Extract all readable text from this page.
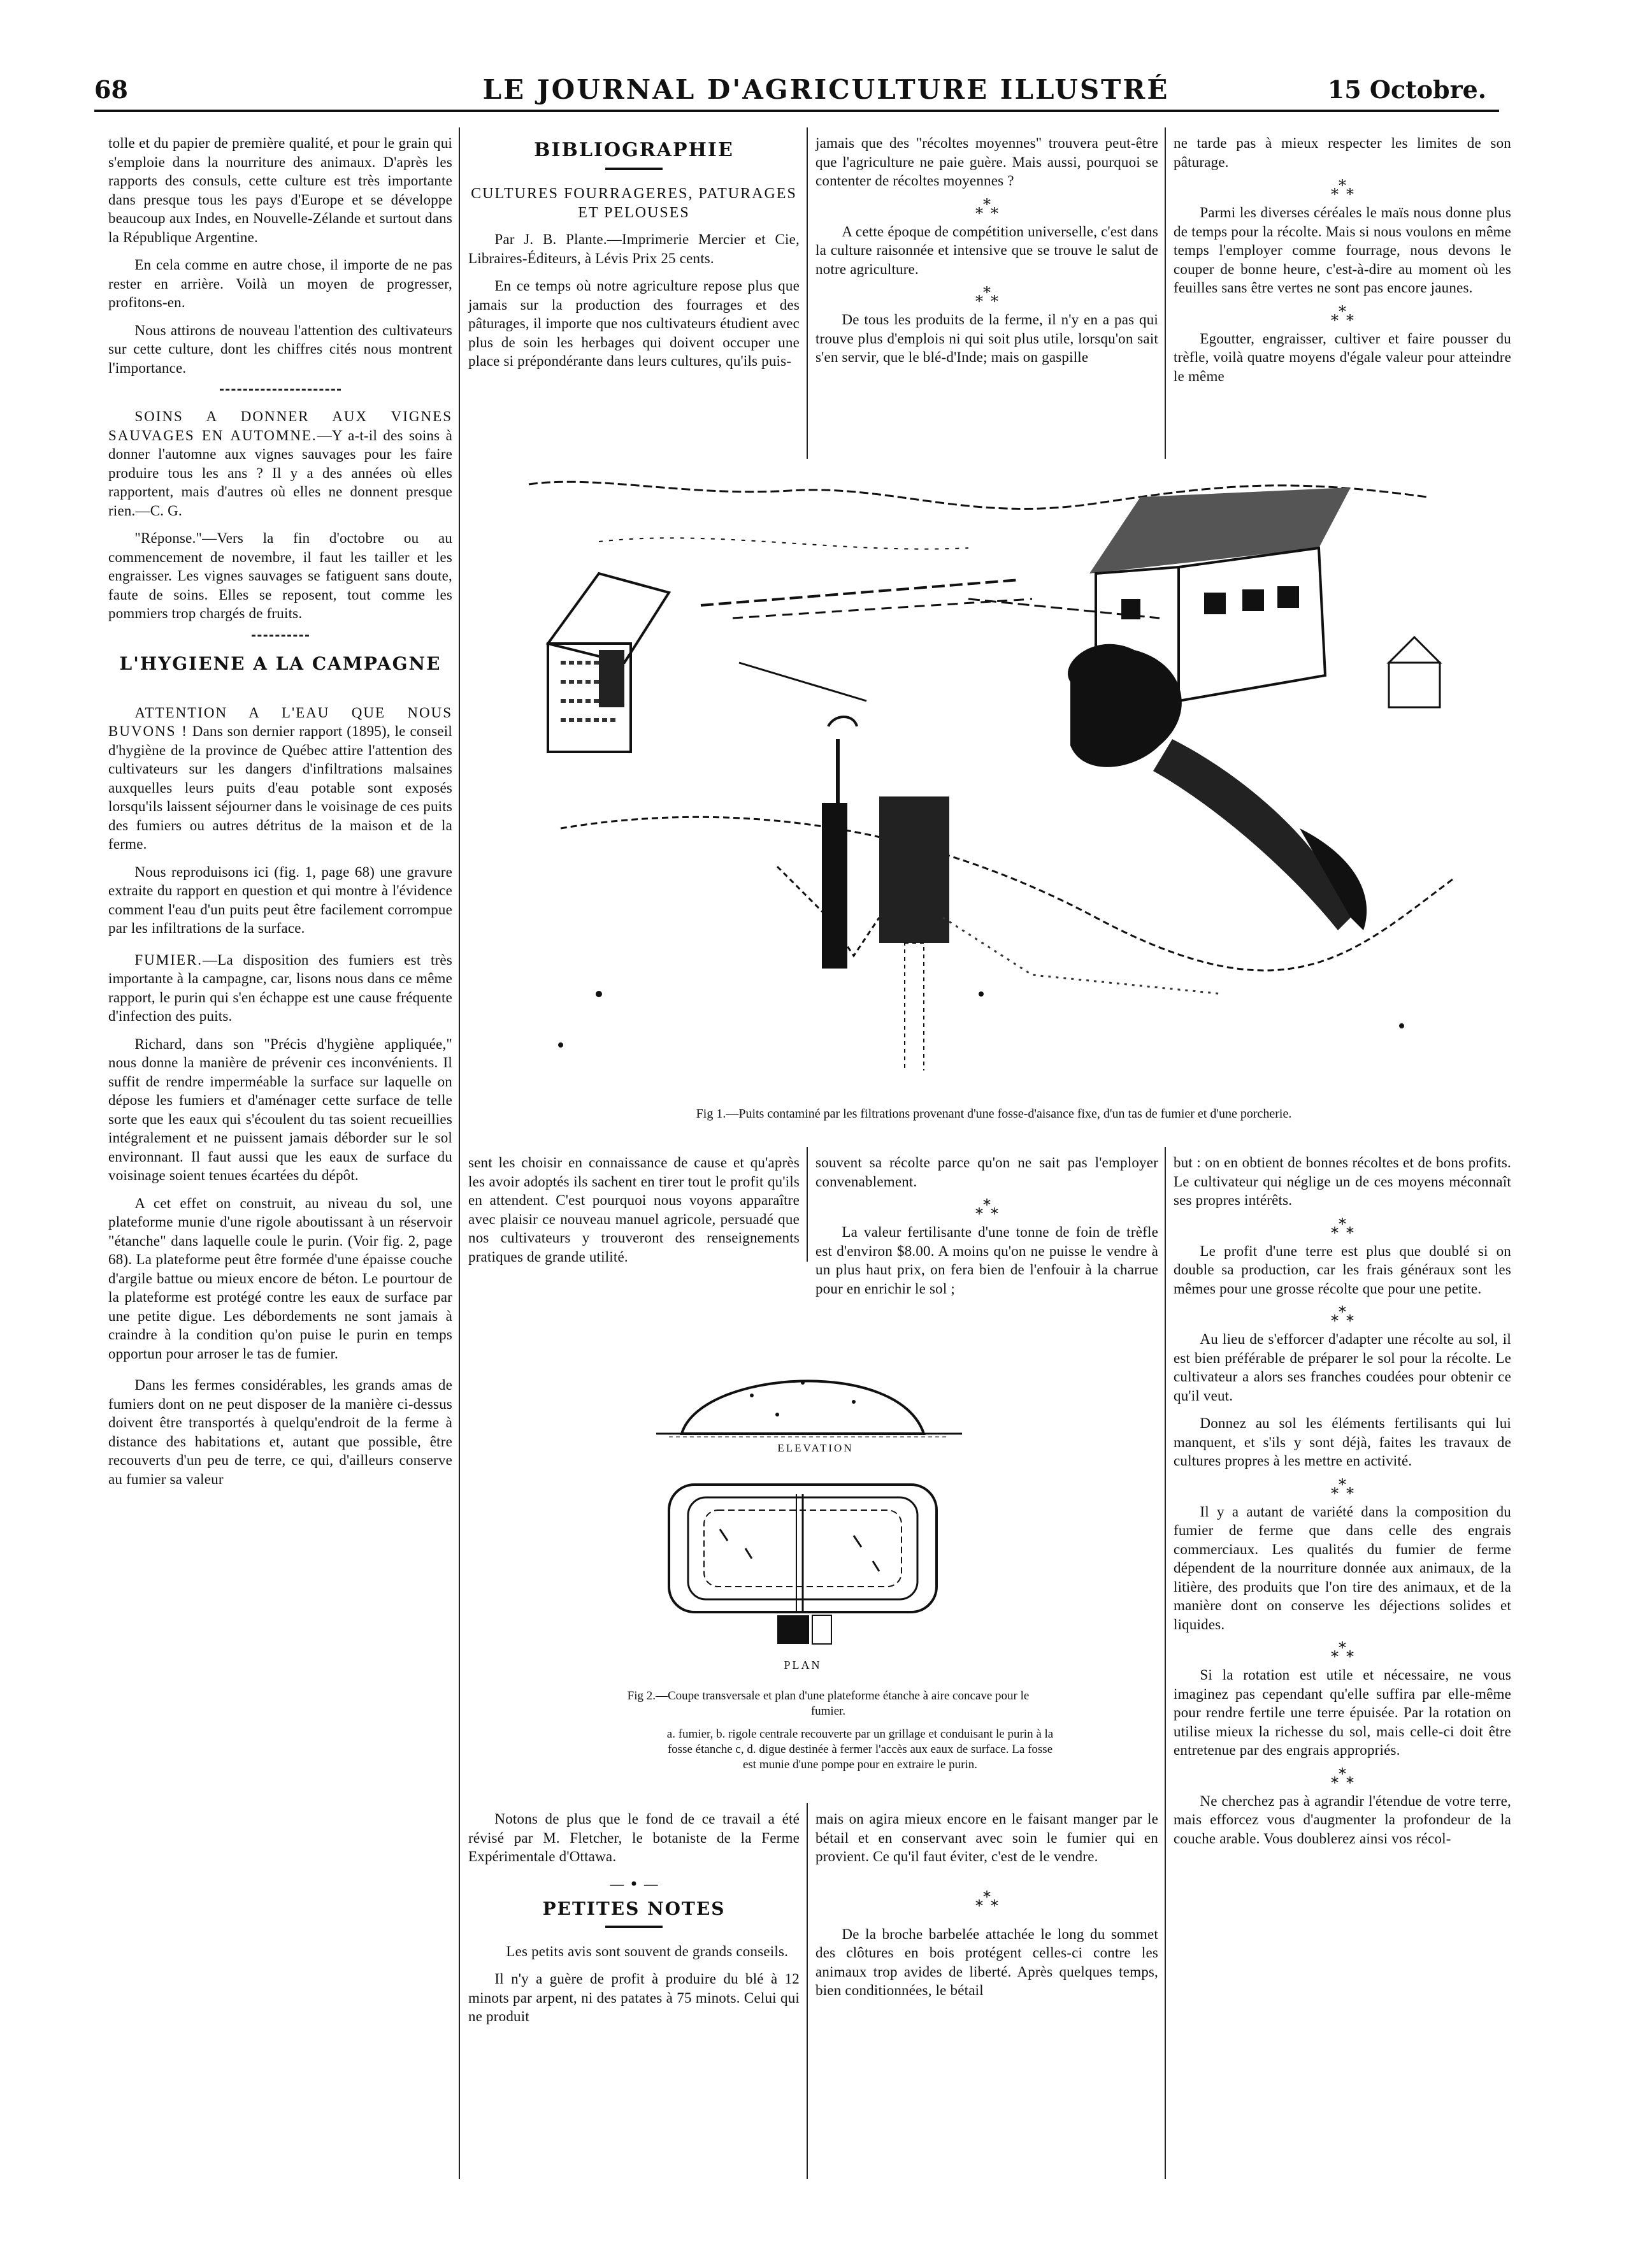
68	LE JOURNAL D'AGRICULTURE ILLUSTRÉ	15 Octobre.

tolle et du papier de première qualité, et pour le grain qui s'emploie dans la nourriture des animaux. D'après les rapports des consuls, cette culture est très importante dans presque tous les pays d'Europe et se développe beaucoup aux Indes, en Nouvelle-Zélande et surtout dans la République Argentine.

En cela comme en autre chose, il importe de ne pas rester en arrière. Voilà un moyen de progresser, profitons-en.

Nous attirons de nouveau l'attention des cultivateurs sur cette culture, dont les chiffres cités nous montrent l'importance.

SOINS A DONNER AUX VIGNES SAUVAGES EN AUTOMNE.—Y a-t-il des soins à donner l'automne aux vignes sauvages pour les faire produire tous les ans ? Il y a des années où elles rapportent, mais d'autres où elles ne donnent presque rien.—C. G.

"Réponse."—Vers la fin d'octobre ou au commencement de novembre, il faut les tailler et les engraisser. Les vignes sauvages se fatiguent sans doute, faute de soins. Elles se reposent, tout comme les pommiers trop chargés de fruits.

L'HYGIENE A LA CAMPAGNE

ATTENTION A L'EAU QUE NOUS BUVONS ! Dans son dernier rapport (1895), le conseil d'hygiène de la province de Québec attire l'attention des cultivateurs sur les dangers d'infiltrations malsaines auxquelles leurs puits d'eau potable sont exposés lorsqu'ils laissent séjourner dans le voisinage de ces puits des fumiers ou autres détritus de la maison et de la ferme.

Nous reproduisons ici (fig. 1, page 68) une gravure extraite du rapport en question et qui montre à l'évidence comment l'eau d'un puits peut être facilement corrompue par les infiltrations de la surface.

FUMIER.—La disposition des fumiers est très importante à la campagne, car, lisons nous dans ce même rapport, le purin qui s'en échappe est une cause fréquente d'infection des puits.

Richard, dans son "Précis d'hygiène appliquée," nous donne la manière de prévenir ces inconvénients. Il suffit de rendre imperméable la surface sur laquelle on dépose les fumiers et d'aménager cette surface de telle sorte que les eaux qui s'écoulent du tas soient recueillies intégralement et ne puissent jamais déborder sur le sol environnant. Il faut aussi que les eaux de surface du voisinage soient tenues écartées du dépôt.

A cet effet on construit, au niveau du sol, une plateforme munie d'une rigole aboutissant à un réservoir "étanche" dans laquelle coule le purin. (Voir fig. 2, page 68). La plateforme peut être formée d'une épaisse couche d'argile battue ou mieux encore de béton. Le pourtour de la plateforme est protégé contre les eaux de surface par une petite digue. Les débordements ne sont jamais à craindre à la condition qu'on puise le purin en temps opportun pour arroser le tas de fumier.

Dans les fermes considérables, les grands amas de fumiers dont on ne peut disposer de la manière ci-dessus doivent être transportés à quelqu'endroit de la ferme à distance des habitations et, autant que possible, être recouverts d'un peu de terre, ce qui, d'ailleurs conserve au fumier sa valeur

BIBLIOGRAPHIE
CULTURES FOURRAGERES, PATURAGES ET PELOUSES

Par J. B. Plante.—Imprimerie Mercier et Cie, Libraires-Éditeurs, à Lévis Prix 25 cents.

En ce temps où notre agriculture repose plus que jamais sur la production des fourrages et des pâturages, il importe que nos cultivateurs étudient avec plus de soin les herbages qui doivent occuper une place si prépondérante dans leurs cultures, qu'ils puis-

jamais que des "récoltes moyennes" trouvera peut-être que l'agriculture ne paie guère. Mais aussi, pourquoi se contenter de récoltes moyennes ?

***

A cette époque de compétition universelle, c'est dans la culture raisonnée et intensive que se trouve le salut de notre agriculture.

***

De tous les produits de la ferme, il n'y en a pas qui trouve plus d'emplois ni qui soit plus utile, lorsqu'on sait s'en servir, que le blé-d'Inde; mais on gaspille

ne tarde pas à mieux respecter les limites de son pâturage.

***

Parmi les diverses céréales le maïs nous donne plus de temps pour la récolte. Mais si nous voulons en même temps l'employer comme fourrage, nous devons le couper de bonne heure, c'est-à-dire au moment où les feuilles sans être vertes ne sont pas encore jaunes.

***

Egoutter, engraisser, cultiver et faire pousser du trèfle, voilà quatre moyens d'égale valeur pour atteindre le même

Fig 1.—Puits contaminé par les filtrations provenant d'une fosse-d'aisance fixe, d'un tas de fumier et d'une porcherie.

sent les choisir en connaissance de cause et qu'après les avoir adoptés ils sachent en tirer tout le profit qu'ils en attendent. C'est pourquoi nous voyons apparaître avec plaisir ce nouveau manuel agricole, persuadé que nos cultivateurs y trouveront des renseignements pratiques de grande utilité.

souvent sa récolte parce qu'on ne sait pas l'employer convenablement.

***

La valeur fertilisante d'une tonne de foin de trèfle est d'environ $8.00. A moins qu'on ne puisse le vendre à un plus haut prix, on fera bien de l'enfouir à la charrue pour en enrichir le sol ;

ELEVATION
PLAN
Fig 2.—Coupe transversale et plan d'une plateforme étanche à aire concave pour le fumier.
a. fumier, b. rigole centrale recouverte par un grillage et conduisant le purin à la fosse étanche c, d. digue destinée à fermer l'accès aux eaux de surface. La fosse est munie d'une pompe pour en extraire le purin.

Notons de plus que le fond de ce travail a été révisé par M. Fletcher, le botaniste de la Ferme Expérimentale d'Ottawa.

— • —
PETITES NOTES

Les petits avis sont souvent de grands conseils.

Il n'y a guère de profit à produire du blé à 12 minots par arpent, ni des patates à 75 minots. Celui qui ne produit

mais on agira mieux encore en le faisant manger par le bétail et en conservant avec soin le fumier qui en provient. Ce qu'il faut éviter, c'est de le vendre.

***

De la broche barbelée attachée le long du sommet des clôtures en bois protégent celles-ci contre les animaux trop avides de liberté. Après quelques temps, bien conditionnées, le bétail

but : on en obtient de bonnes récoltes et de bons profits. Le cultivateur qui néglige un de ces moyens méconnaît ses propres intérêts.

***

Le profit d'une terre est plus que doublé si on double sa production, car les frais généraux sont les mêmes pour une grosse récolte que pour une petite.

***

Au lieu de s'efforcer d'adapter une récolte au sol, il est bien préférable de préparer le sol pour la récolte. Le cultivateur a alors ses franches coudées pour obtenir ce qu'il veut.

Donnez au sol les éléments fertilisants qui lui manquent, et s'ils y sont déjà, faites les travaux de cultures propres à les mettre en activité.

***

Il y a autant de variété dans la composition du fumier de ferme que dans celle des engrais commerciaux. Les qualités du fumier de ferme dépendent de la nourriture donnée aux animaux, de la litière, des produits que l'on tire des animaux, et de la manière dont on conserve les déjections solides et liquides.

***

Si la rotation est utile et nécessaire, ne vous imaginez pas cependant qu'elle suffira par elle-même pour rendre fertile une terre épuisée. Par la rotation on utilise mieux la richesse du sol, mais celle-ci doit être entretenue par des engrais appropriés.

***

Ne cherchez pas à agrandir l'étendue de votre terre, mais efforcez vous d'augmenter la profondeur de la couche arable. Vous doublerez ainsi vos récol-
